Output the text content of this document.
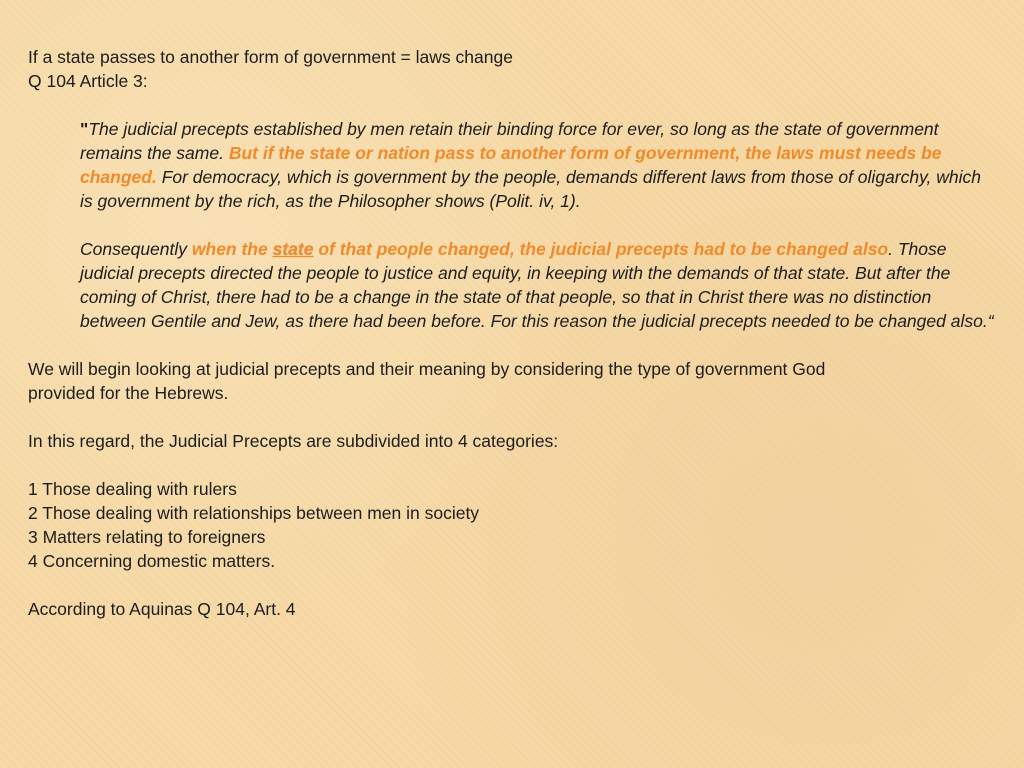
If a state passes to another form of government = laws change
Q 104 Article 3:

"The judicial precepts established by men retain their binding force for ever, so long as the state of government remains the same. But if the state or nation pass to another form of government, the laws must needs be changed. For democracy, which is government by the people, demands different laws from those of oligarchy, which is government by the rich, as the Philosopher shows (Polit. iv, 1).

Consequently when the state of that people changed, the judicial precepts had to be changed also. Those judicial precepts directed the people to justice and equity, in keeping with the demands of that state. But after the coming of Christ, there had to be a change in the state of that people, so that in Christ there was no distinction between Gentile and Jew, as there had been before. For this reason the judicial precepts needed to be changed also.“

We will begin looking at judicial precepts and their meaning by considering the type of government God
provided for the Hebrews.
In this regard, the Judicial Precepts are subdivided into 4 categories:
1 Those dealing with rulers
2 Those dealing with relationships between men in society
3 Matters relating to foreigners
4 Concerning domestic matters.
According to Aquinas Q 104, Art. 4
